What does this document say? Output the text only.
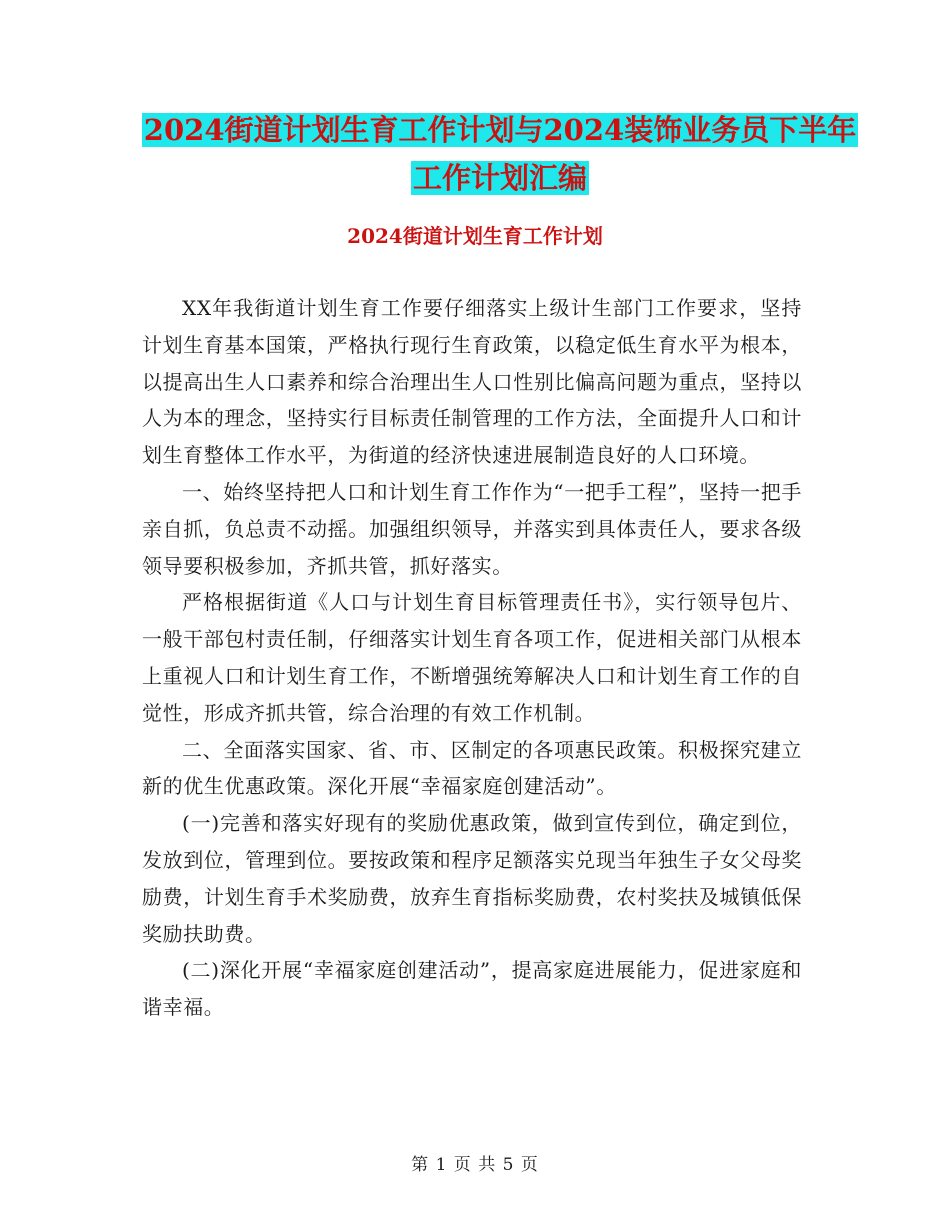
2024街道计划生育工作计划与2024装饰业务员下半年
工作计划汇编
2024街道计划生育工作计划

XX年我街道计划生育工作要仔细落实上级计生部门工作要求，坚持计划生育基本国策，严格执行现行生育政策，以稳定低生育水平为根本，以提高出生人口素养和综合治理出生人口性别比偏高问题为重点，坚持以人为本的理念，坚持实行目标责任制管理的工作方法，全面提升人口和计划生育整体工作水平，为街道的经济快速进展制造良好的人口环境。

一、始终坚持把人口和计划生育工作作为“一把手工程”，坚持一把手亲自抓，负总责不动摇。加强组织领导，并落实到具体责任人，要求各级领导要积极参加，齐抓共管，抓好落实。

严格根据街道《人口与计划生育目标管理责任书》，实行领导包片、一般干部包村责任制，仔细落实计划生育各项工作，促进相关部门从根本上重视人口和计划生育工作，不断增强统筹解决人口和计划生育工作的自觉性，形成齐抓共管，综合治理的有效工作机制。

二、全面落实国家、省、市、区制定的各项惠民政策。积极探究建立新的优生优惠政策。深化开展“幸福家庭创建活动”。

(一)完善和落实好现有的奖励优惠政策，做到宣传到位，确定到位，发放到位，管理到位。要按政策和程序足额落实兑现当年独生子女父母奖励费，计划生育手术奖励费，放弃生育指标奖励费，农村奖扶及城镇低保奖励扶助费。

(二)深化开展“幸福家庭创建活动”，提高家庭进展能力，促进家庭和谐幸福。

第 1 页 共 5 页
